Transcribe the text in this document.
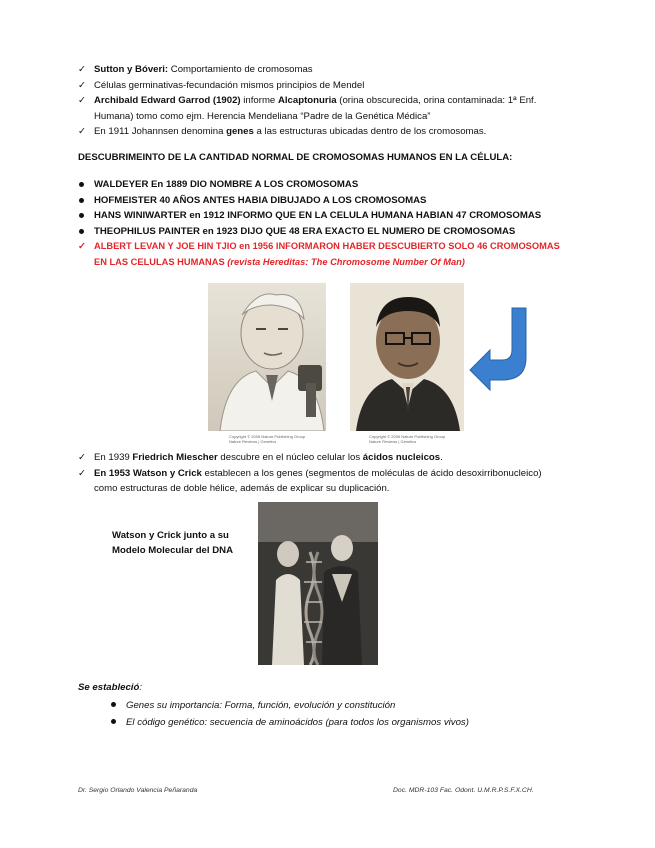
✓ Sutton y Bóveri: Comportamiento de cromosomas
✓ Células germinativas-fecundación mismos principios de Mendel
✓ Archibald Edward Garrod (1902) informe Alcaptonuria (orina obscurecida, orina contaminada: 1ª Enf.
Humana) tomo como ejm. Herencia Mendeliana “Padre de la Genética Médica”
✓ En 1911 Johannsen denomina genes a las estructuras ubicadas dentro de los cromosomas.
DESCUBRIMEINTO DE LA CANTIDAD NORMAL DE CROMOSOMAS HUMANOS EN LA CÉLULA:
WALDEYER En 1889 DIO NOMBRE A LOS CROMOSOMAS
HOFMEISTER 40 AÑOS ANTES HABIA DIBUJADO A LOS CROMOSOMAS
HANS WINIWARTER en 1912 INFORMO QUE EN LA CELULA HUMANA HABIAN 47 CROMOSOMAS
THEOPHILUS PAINTER en 1923 DIJO QUE 48 ERA EXACTO EL NUMERO DE CROMOSOMAS
✓ ALBERT LEVAN Y JOE HIN TJIO en 1956 INFORMARON HABER DESCUBIERTO SOLO 46 CROMOSOMAS
EN LAS CELULAS HUMANAS (revista Hereditas: The Chromosome Number Of Man)
Copyright © 2006 Nature Publishing Group
Nature Reviews | Genetics
Copyright © 2006 Nature Publishing Group
Nature Reviews | Genetics
✓ En 1939 Friedrich Miescher descubre en el núcleo celular los ácidos nucleicos.
✓ En 1953 Watson y Crick establecen a los genes (segmentos de moléculas de ácido desoxirribonucleico)
como estructuras de doble hélice, además de explicar su duplicación.
Watson y Crick junto a su
Modelo Molecular del DNA
Se estableció:
Genes su importancia: Forma, función, evolución y constitución
El código genético: secuencia de aminoácidos (para todos los organismos vivos)
Dr. Sergio Orlando Valencia Peñaranda	Doc. MDR-103 Fac. Odont. U.M.R.P.S.F.X.CH.
